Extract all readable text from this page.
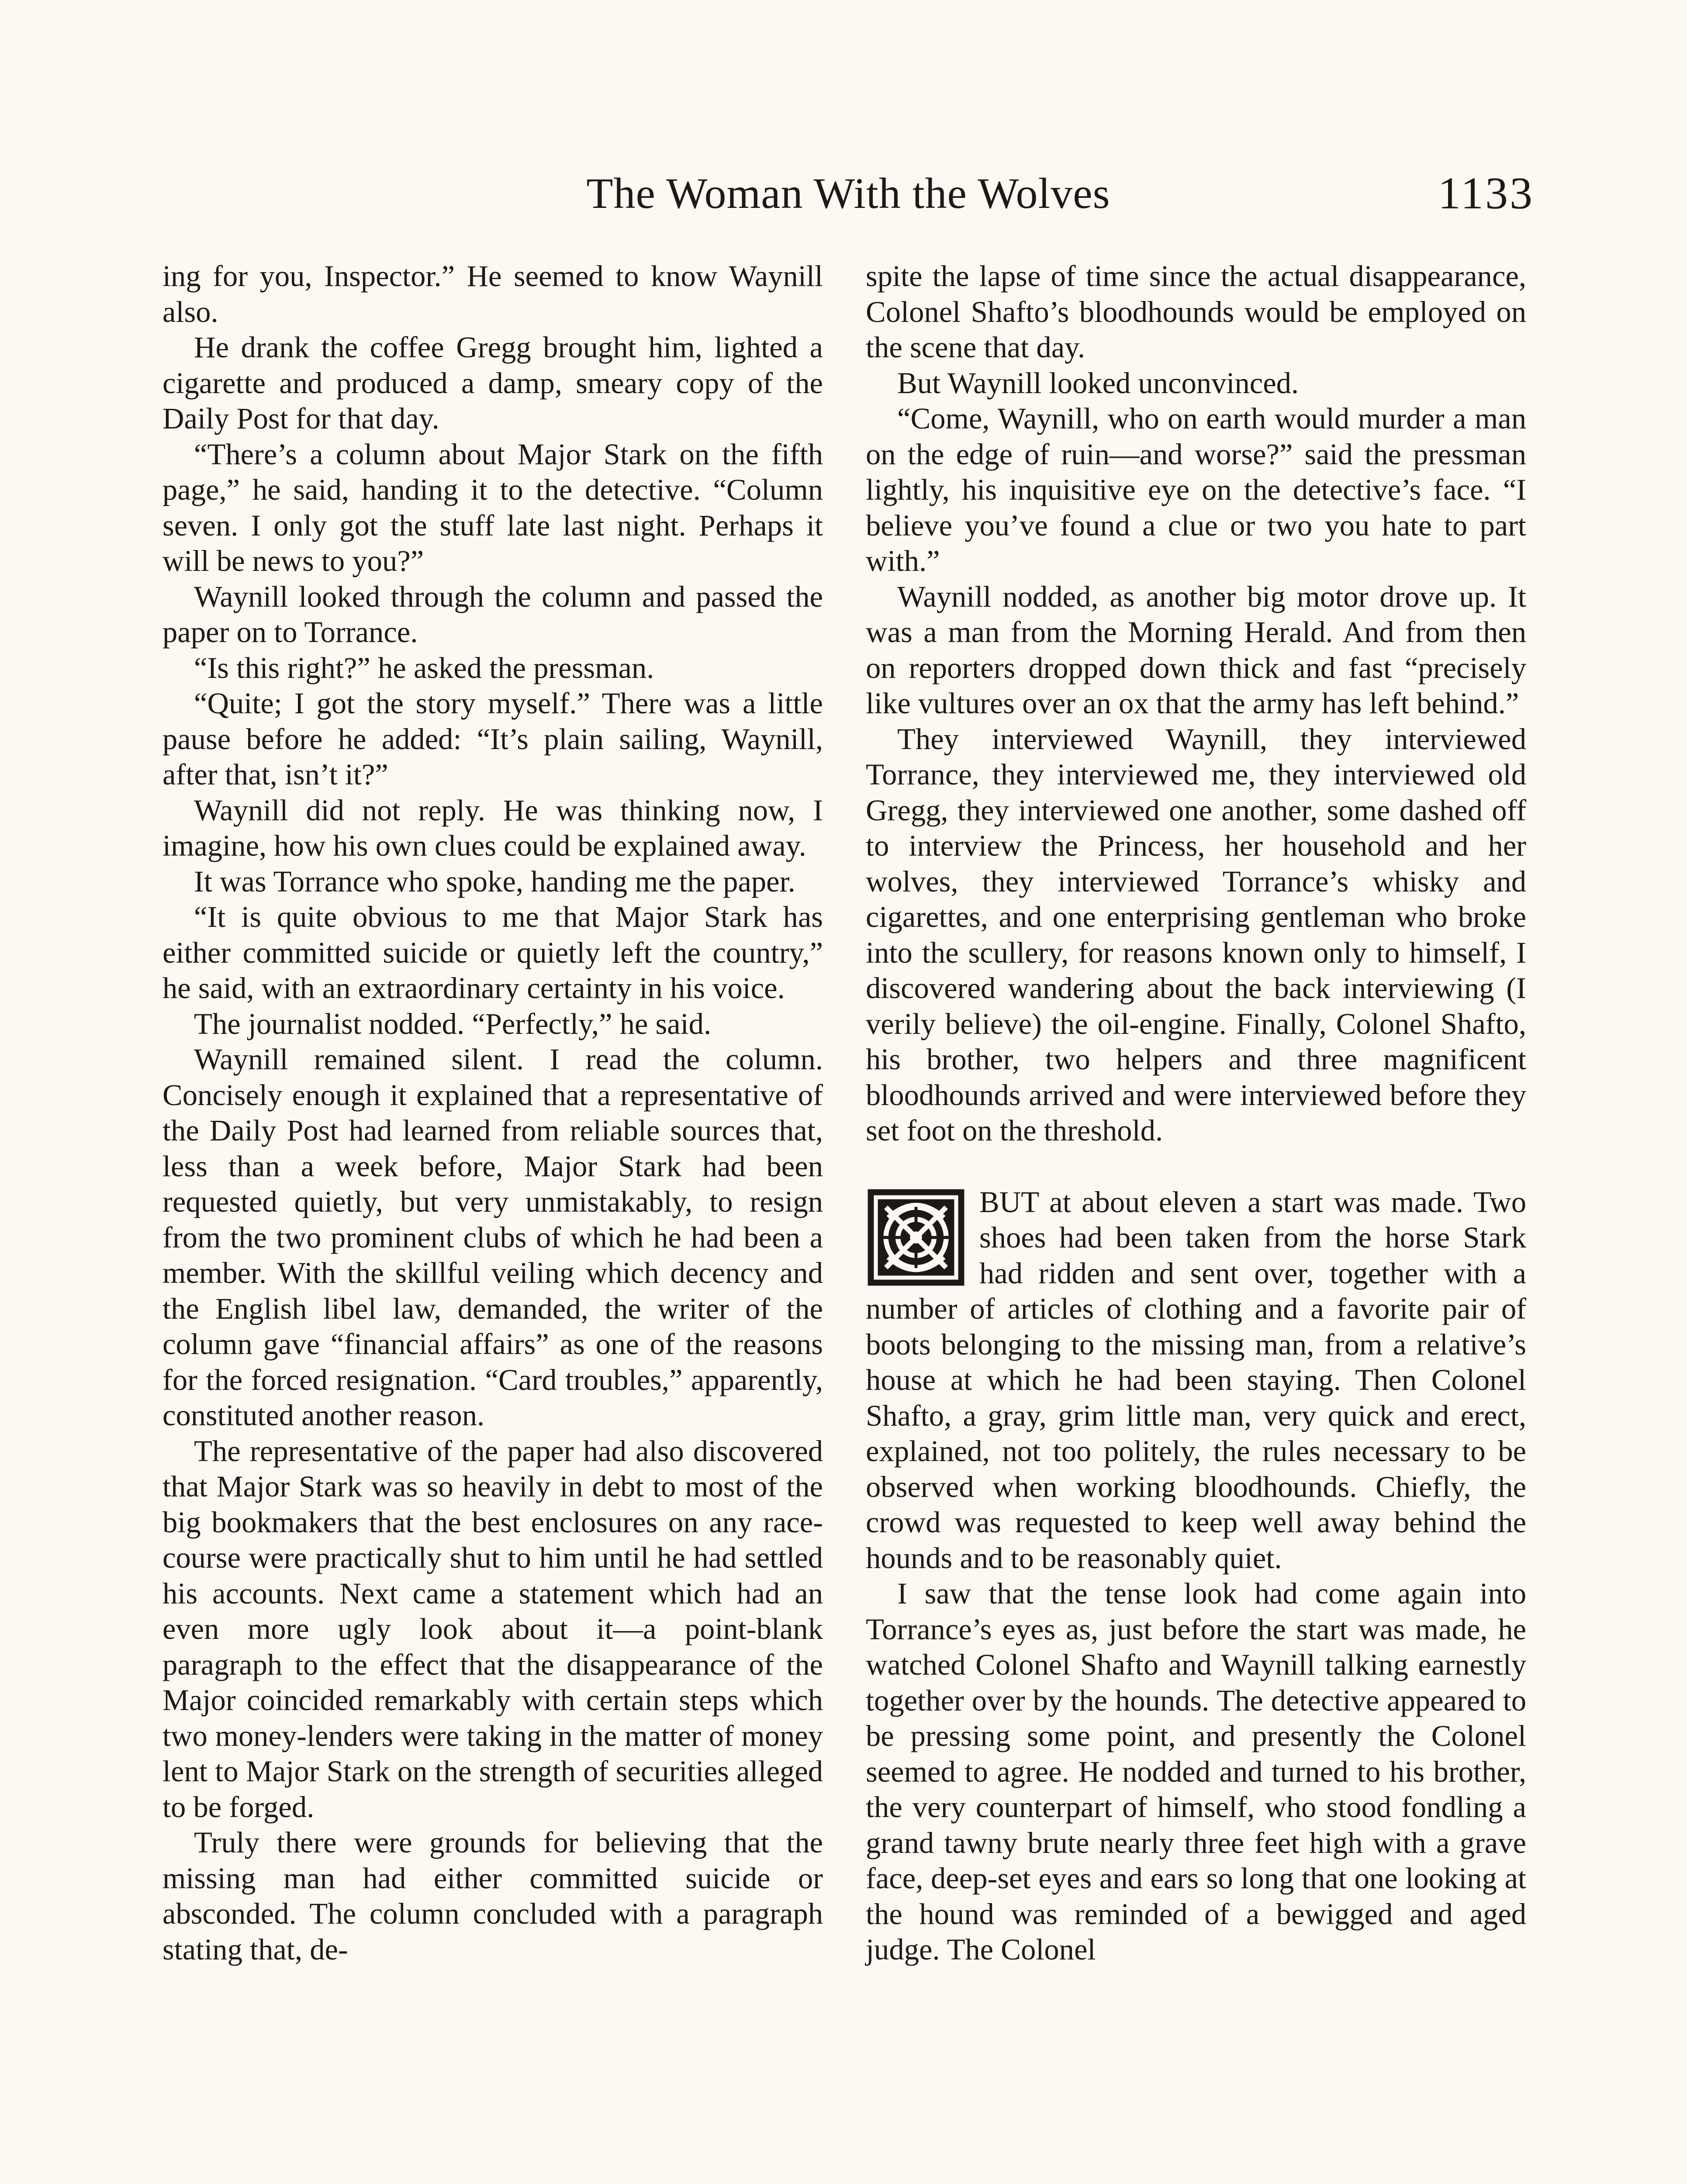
The Woman With the Wolves	1133

ing for you, Inspector.” He seemed to know Waynill also.

He drank the coffee Gregg brought him, lighted a cigarette and produced a damp, smeary copy of the Daily Post for that day.

“There’s a column about Major Stark on the fifth page,” he said, handing it to the detective. “Column seven. I only got the stuff late last night. Perhaps it will be news to you?”

Waynill looked through the column and passed the paper on to Torrance.

“Is this right?” he asked the pressman.

“Quite; I got the story myself.” There was a little pause before he added: “It’s plain sailing, Waynill, after that, isn’t it?”

Waynill did not reply. He was thinking now, I imagine, how his own clues could be explained away.

It was Torrance who spoke, handing me the paper.

“It is quite obvious to me that Major Stark has either committed suicide or quietly left the country,” he said, with an extraordinary certainty in his voice.

The journalist nodded. “Perfectly,” he said.

Waynill remained silent. I read the column. Concisely enough it explained that a representative of the Daily Post had learned from reliable sources that, less than a week before, Major Stark had been requested quietly, but very unmistakably, to resign from the two prominent clubs of which he had been a member. With the skillful veiling which decency and the English libel law, demanded, the writer of the column gave “financial affairs” as one of the reasons for the forced resignation. “Card troubles,” apparently, constituted another reason.

The representative of the paper had also discovered that Major Stark was so heavily in debt to most of the big bookmakers that the best enclosures on any race-course were practically shut to him until he had settled his accounts. Next came a statement which had an even more ugly look about it—a point-blank paragraph to the effect that the disappearance of the Major coincided remarkably with certain steps which two money-lenders were taking in the matter of money lent to Major Stark on the strength of securities alleged to be forged.

Truly there were grounds for believing that the missing man had either committed suicide or absconded. The column concluded with a paragraph stating that, de-

spite the lapse of time since the actual disappearance, Colonel Shafto’s bloodhounds would be employed on the scene that day.

But Waynill looked unconvinced.

“Come, Waynill, who on earth would murder a man on the edge of ruin—and worse?” said the pressman lightly, his inquisitive eye on the detective’s face. “I believe you’ve found a clue or two you hate to part with.”

Waynill nodded, as another big motor drove up. It was a man from the Morning Herald. And from then on reporters dropped down thick and fast “precisely like vultures over an ox that the army has left behind.”

They interviewed Waynill, they interviewed Torrance, they interviewed me, they interviewed old Gregg, they interviewed one another, some dashed off to interview the Princess, her household and her wolves, they interviewed Torrance’s whisky and cigarettes, and one enterprising gentleman who broke into the scullery, for reasons known only to himself, I discovered wandering about the back interviewing (I verily believe) the oil-engine. Finally, Colonel Shafto, his brother, two helpers and three magnificent bloodhounds arrived and were interviewed before they set foot on the threshold.

BUT at about eleven a start was made. Two shoes had been taken from the horse Stark had ridden and sent over, together with a number of articles of clothing and a favorite pair of boots belonging to the missing man, from a relative’s house at which he had been staying. Then Colonel Shafto, a gray, grim little man, very quick and erect, explained, not too politely, the rules necessary to be observed when working bloodhounds. Chiefly, the crowd was requested to keep well away behind the hounds and to be reasonably quiet.

I saw that the tense look had come again into Torrance’s eyes as, just before the start was made, he watched Colonel Shafto and Waynill talking earnestly together over by the hounds. The detective appeared to be pressing some point, and presently the Colonel seemed to agree. He nodded and turned to his brother, the very counterpart of himself, who stood fondling a grand tawny brute nearly three feet high with a grave face, deep-set eyes and ears so long that one looking at the hound was reminded of a bewigged and aged judge. The Colonel
